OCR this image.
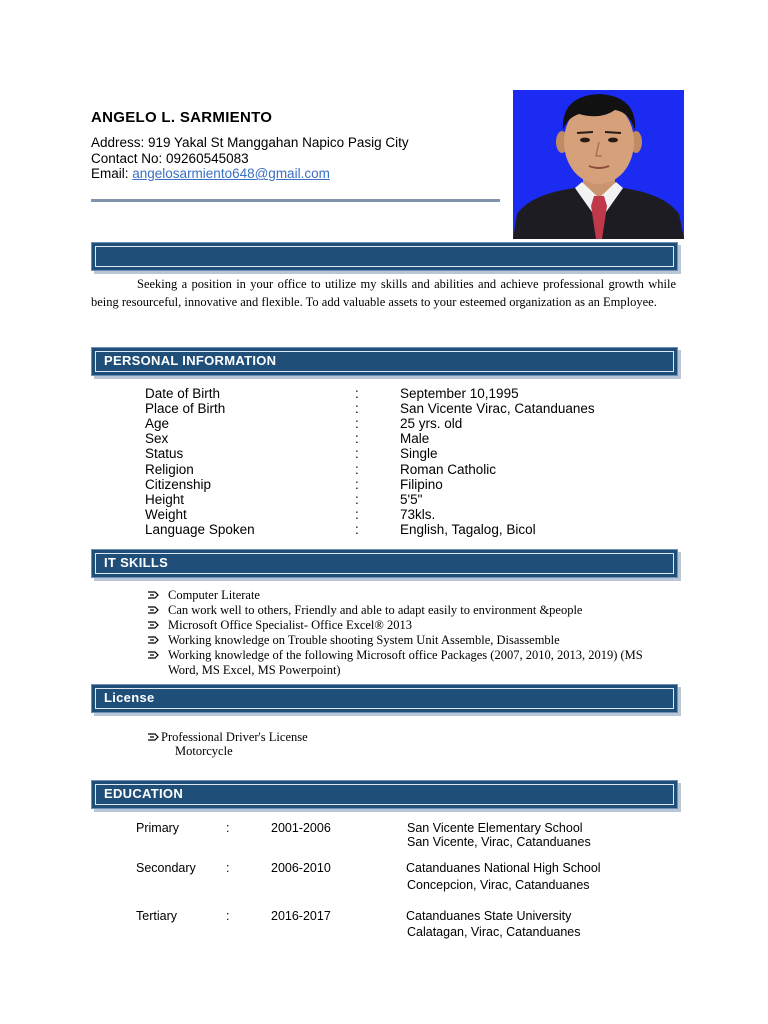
ANGELO L. SARMIENTO
Address: 919 Yakal St Manggahan Napico Pasig City
Contact No: 09260545083
Email: angelosarmiento648@gmail.com
Seeking a position in your office to utilize my skills and abilities and achieve professional growth while being resourceful, innovative and flexible. To add valuable assets to your esteemed organization as an Employee.
PERSONAL INFORMATION
Date of Birth	:	September 10,1995
Place of Birth	:	San Vicente Virac, Catanduanes
Age	:	25 yrs. old
Sex	:	Male
Status	:	Single
Religion	:	Roman Catholic
Citizenship	:	Filipino
Height	:	5'5"
Weight	:	73kls.
Language Spoken	:	English, Tagalog, Bicol
IT SKILLS
Computer Literate
Can work well to others, Friendly and able to adapt easily to environment &people
Microsoft Office Specialist- Office Excel® 2013
Working knowledge on Trouble shooting System Unit Assemble, Disassemble
Working knowledge of the following Microsoft office Packages (2007, 2010, 2013, 2019) (MS Word, MS Excel, MS Powerpoint)
License
Professional Driver's License
Motorcycle
EDUCATION
Primary	:	2001-2006	San Vicente Elementary School
San Vicente, Virac, Catanduanes
Secondary :	2006-2010	Catanduanes National High School
Concepcion, Virac, Catanduanes
Tertiary	:	2016-2017	Catanduanes State University
Calatagan, Virac, Catanduanes
